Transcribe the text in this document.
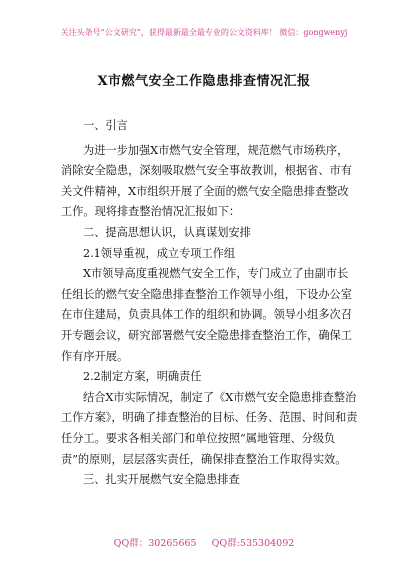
关注头条号“公文研究”，获得最新最全最专业的公文资料库！ 微信：gongwenyj
X市燃气安全工作隐患排查情况汇报

一、引言

为进一步加强X市燃气安全管理，规范燃气市场秩序，消除安全隐患，深刻吸取燃气安全事故教训，根据省、市有关文件精神，X市组织开展了全面的燃气安全隐患排查整改工作。现将排查整治情况汇报如下：

二、提高思想认识，认真谋划安排

2.1领导重视，成立专项工作组

X市领导高度重视燃气安全工作，专门成立了由副市长任组长的燃气安全隐患排查整治工作领导小组，下设办公室在市住建局，负责具体工作的组织和协调。领导小组多次召开专题会议，研究部署燃气安全隐患排查整治工作，确保工作有序开展。

2.2制定方案，明确责任

结合X市实际情况，制定了《X市燃气安全隐患排查整治工作方案》，明确了排查整治的目标、任务、范围、时间和责任分工。要求各相关部门和单位按照“属地管理、分级负责”的原则，层层落实责任，确保排查整治工作取得实效。

三、扎实开展燃气安全隐患排查

QQ群：30265665 QQ群:535304092
